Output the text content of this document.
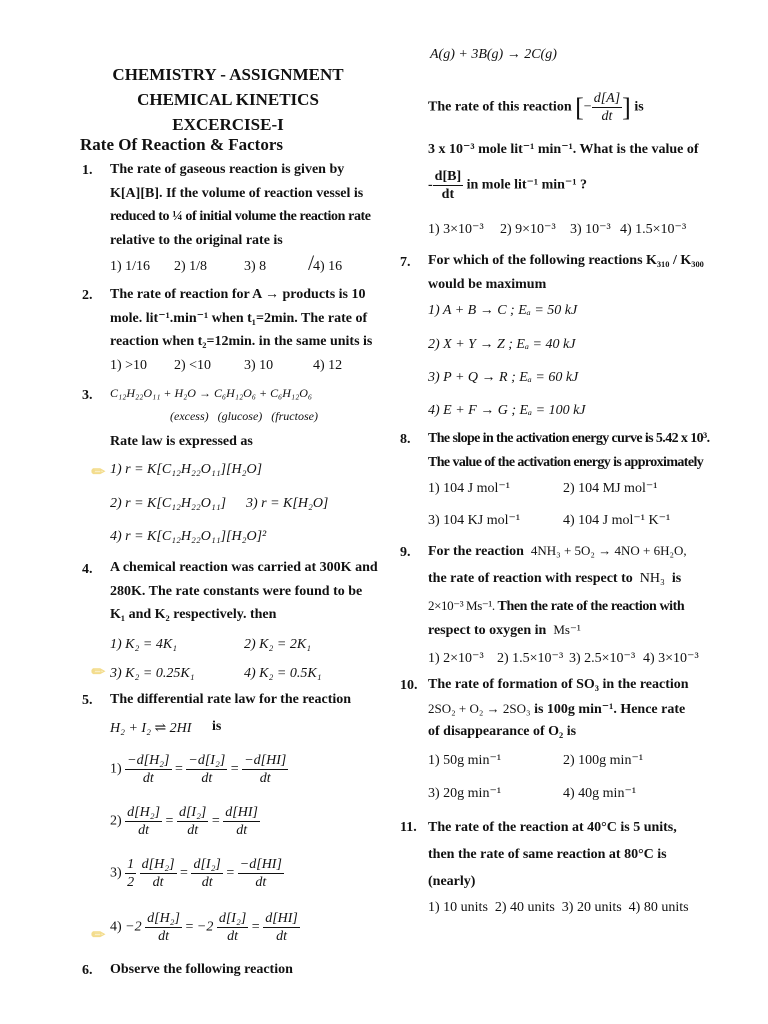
CHEMISTRY - ASSIGNMENT
CHEMICAL KINETICS
EXCERCISE-I
Rate Of Reaction & Factors
1. The rate of gaseous reaction is given by
K[A][B]. If the volume of reaction vessel is
reduced to ¼ of initial volume the reaction rate
relative to the original rate is
1) 1/16 2) 1/8	3) 8	4) 16
/
2. The rate of reaction for A → products is 10
mole. lit⁻¹.min⁻¹ when t₁=2min. The rate of
reaction when t₂=12min. in the same units is
1) >10 2) <10 3) 10	4) 12
3. C₁₂H₂₂O₁₁ + H₂O → C₆H₁₂O₆ + C₆H₁₂O₆
(excess)   (glucose)   (fructose)
Rate law is expressed as
1) r = K[C₁₂H₂₂O₁₁][H₂O]
2) r = K[C₁₂H₂₂O₁₁] 3) r = K[H₂O]
4) r = K[C₁₂H₂₂O₁₁][H₂O]²
✎
4. A chemical reaction was carried at 300K and
280K. The rate constants were found to be
K₁ and K₂ respectively. then
1) K₂ = 4K₁	2) K₂ = 2K₁
3) K₂ = 0.25K₁	4) K₂ = 0.5K₁
✎
5. The differential rate law for the reaction
H₂ + I₂ ⇌ 2HI is
$1) \frac{\text{−d[H₂]}}{dt} = \frac{\text{−d[I₂]}}{dt} = \frac{-d[HI]}{dt}$
$2) \frac{\text{d[H₂]}}{dt} = \frac{\text{d[I₂]}}{dt} = \frac{d[HI]}{dt}$
$3) \frac{1}{2}$
$\frac{\text{d[H₂]}}{dt} = \frac{\text{d[I₂]}}{dt} = \frac{-d[HI]}{dt}$
$4) -2 \frac{\text{d[H₂]}}{dt} = -2 \frac{\text{d[I₂]}}{dt} = \frac{d[HI]}{dt}$
✎
6. Observe the following reaction
A(g) + 3B(g) → 2C(g)
The rate of this reaction [− $\frac{d[A]}{dt}$ ] is
3 x 10⁻³ mole lit⁻¹ min⁻¹. What is the value of
- $\frac{d[B]}{dt}$ in mole lit⁻¹ min⁻¹ ?
1) 3×10⁻³ 2) 9×10⁻³ 3) 10⁻³ 4) 1.5×10⁻³
7. For which of the following reactions K₃₁₀ / K₃₀₀
would be maximum
1) A + B → C ; Eₐ = 50 kJ
2) X + Y → Z ; Eₐ = 40 kJ
3) P + Q → R ; Eₐ = 60 kJ
4) E + F → G ; Eₐ = 100 kJ
8. The slope in the activation energy curve is 5.42 x 10³.
The value of the activation energy is approximately
1) 104 J mol⁻¹	2) 104 MJ mol⁻¹
3) 104 KJ mol⁻¹	4) 104 J mol⁻¹ K⁻¹
9. For the reaction 4NH₃ + 5O₂ → 4NO + 6H₂O,
the rate of reaction with respect to NH₃ is
2×10⁻³ Ms⁻¹. Then the rate of the reaction with
respect to oxygen in Ms⁻¹
1) 2×10⁻³ 2) 1.5×10⁻³ 3) 2.5×10⁻³ 4) 3×10⁻³
10. The rate of formation of SO₃ in the reaction
2SO₂ + O₂ → 2SO₃ is 100g min⁻¹. Hence rate
of disappearance of O₂ is
1) 50g min⁻¹	2) 100g min⁻¹
3) 20g min⁻¹	4) 40g min⁻¹
11. The rate of the reaction at 40°C is 5 units,
then the rate of same reaction at 80°C is
(nearly)
1) 10 units  2) 40 units  3) 20 units  4) 80 units
